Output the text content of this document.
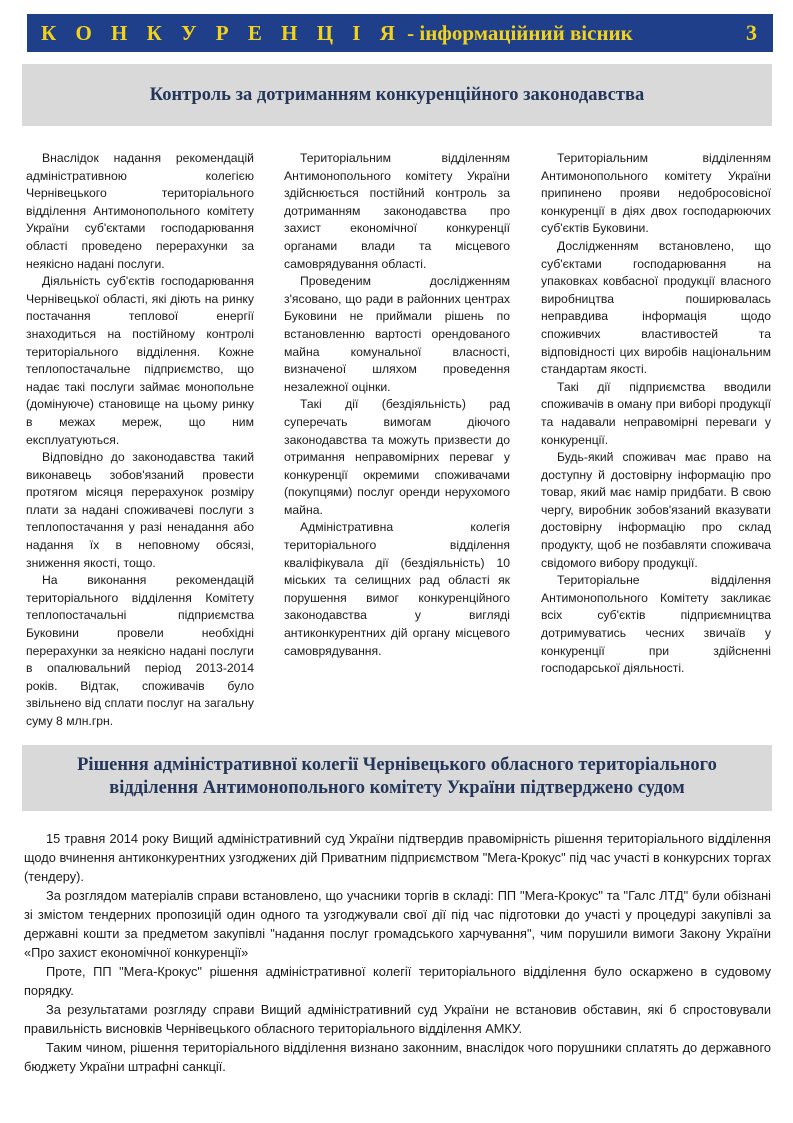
К О Н К У Р Е Н Ц І Я - інформаційний вісник	3
Контроль за дотриманням конкуренційного законодавства

Внаслідок надання рекомендацій адміністративною колегією Чернівецького територіального відділення Антимонопольного комітету України суб'єктами господарювання області проведено перерахунки за неякісно надані послуги.

Діяльність суб'єктів господарювання Чернівецької області, які діють на ринку постачання теплової енергії знаходиться на постійному контролі територіального відділення. Кожне теплопостачальне підприємство, що надає такі послуги займає монопольне (домінуюче) становище на цьому ринку в межах мереж, що ним експлуатуються.

Відповідно до законодавства такий виконавець зобов'язаний провести протягом місяця перерахунок розміру плати за надані споживачеві послуги з теплопостачання у разі ненадання або надання їх в неповному обсязі, зниження якості, тощо.

На виконання рекомендацій територіального відділення Комітету теплопостачальні підприємства Буковини провели необхідні перерахунки за неякісно надані послуги в опалювальний період 2013-2014 років. Відтак, споживачів було звільнено від сплати послуг на загальну суму 8 млн.грн.

Територіальним відділенням Антимонопольного комітету України здійснюється постійний контроль за дотриманням законодавства про захист економічної конкуренції органами влади та місцевого самоврядування області.

Проведеним дослідженням з'ясовано, що ради в районних центрах Буковини не приймали рішень по встановленню вартості орендованого майна комунальної власності, визначеної шляхом проведення незалежної оцінки.

Такі дії (бездіяльність) рад суперечать вимогам діючого законодавства та можуть призвести до отримання неправомірних переваг у конкуренції окремими споживачами (покупцями) послуг оренди нерухомого майна.

Адміністративна колегія територіального відділення кваліфікувала дії (бездіяльність) 10 міських та селищних рад області як порушення вимог конкуренційного законодавства у вигляді антиконкурентних дій органу місцевого самоврядування.

Територіальним відділенням Антимонопольного комітету України припинено прояви недобросовісної конкуренції в діях двох господарюючих суб'єктів Буковини.

Дослідженням встановлено, що суб'єктами господарювання на упаковках ковбасної продукції власного виробництва поширювалась неправдива інформація щодо споживчих властивостей та відповідності цих виробів національним стандартам якості.

Такі дії підприємства вводили споживачів в оману при виборі продукції та надавали неправомірні переваги у конкуренції.

Будь-який споживач має право на доступну й достовірну інформацію про товар, який має намір придбати. В свою чергу, виробник зобов'язаний вказувати достовірну інформацію про склад продукту, щоб не позбавляти споживача свідомого вибору продукції.

Територіальне відділення Антимонопольного Комітету закликає всіх суб'єктів підприємництва дотримуватись чесних звичаїв у конкуренції при здійсненні господарської діяльності.

Рішення адміністративної колегії Чернівецького обласного територіального
відділення Антимонопольного комітету України підтверджено судом

15 травня 2014 року Вищий адміністративний суд України підтвердив правомірність рішення територіального відділення щодо вчинення антиконкурентних узгоджених дій Приватним підприємством "Мега-Крокус" під час участі в конкурсних торгах (тендеру).

За розглядом матеріалів справи встановлено, що учасники торгів в складі: ПП "Мега-Крокус" та "Галс ЛТД" були обізнані зі змістом тендерних пропозицій один одного та узгоджували свої дії під час підготовки до участі у процедурі закупівлі за державні кошти за предметом закупівлі "надання послуг громадського харчування", чим порушили вимоги Закону України «Про захист економічної конкуренції»

Проте, ПП "Мега-Крокус" рішення адміністративної колегії територіального відділення було оскаржено в судовому порядку.

За результатами розгляду справи Вищий адміністративний суд України не встановив обставин, які б спростовували правильність висновків Чернівецького обласного територіального відділення АМКУ.

Таким чином, рішення територіального відділення визнано законним, внаслідок чого порушники сплатять до державного бюджету України штрафні санкції.
